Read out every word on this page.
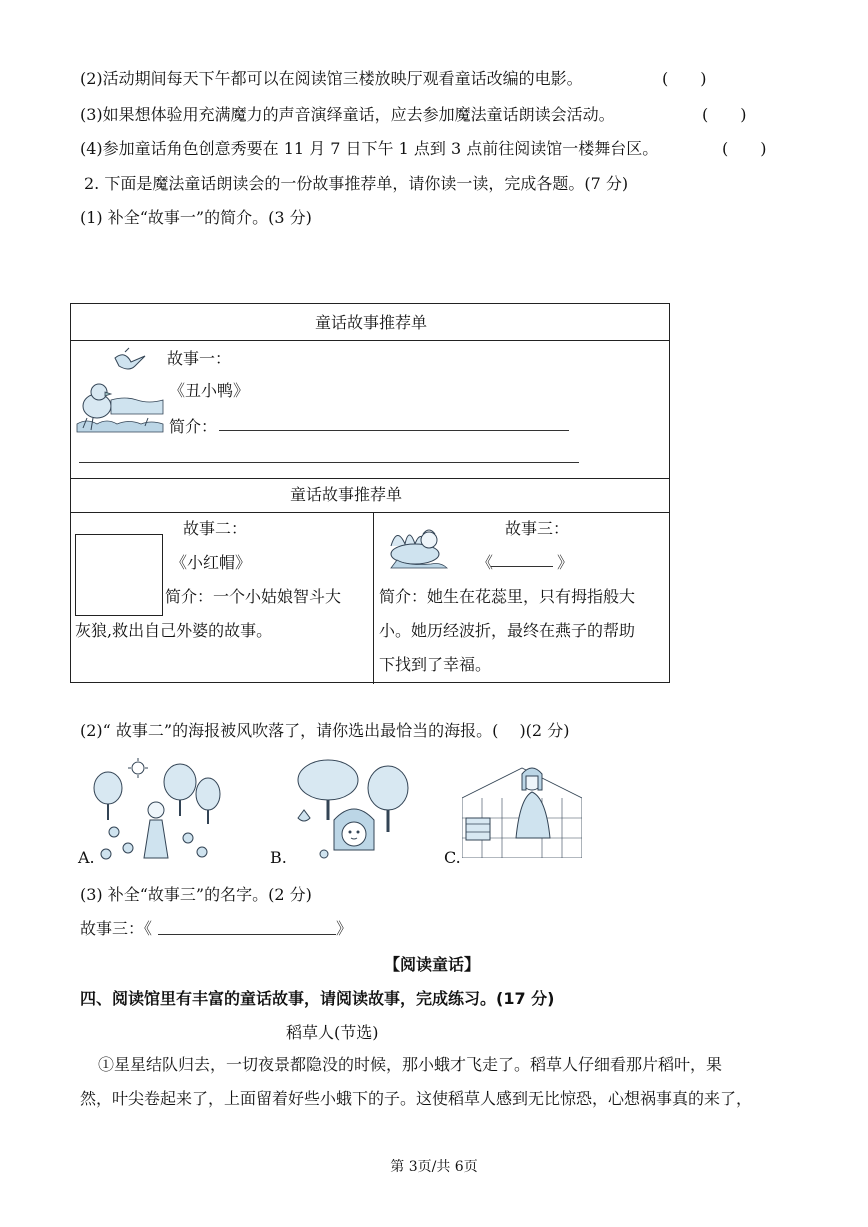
(2)活动期间每天下午都可以在阅读馆三楼放映厅观看童话改编的电影。	(　　)
(3)如果想体验用充满魔力的声音演绎童话，应去参加魔法童话朗读会活动。	(　　)
(4)参加童话角色创意秀要在 11 月 7 日下午 1 点到 3 点前往阅读馆一楼舞台区。	(　　)
2. 下面是魔法童话朗读会的一份故事推荐单，请你读一读，完成各题。(7 分)
(1) 补全“故事一”的简介。(3 分)
童话故事推荐单
故事一：
《丑小鸭》
简介：
童话故事推荐单
故事二：
《小红帽》
简介：一个小姑娘智斗大
灰狼,救出自己外婆的故事。
故事三：
《	》
简介：她生在花蕊里，只有拇指般大
小。她历经波折，最终在燕子的帮助
下找到了幸福。
(2)“ 故事二”的海报被风吹落了，请你选出最恰当的海报。(　 )(2 分)
A.	B.	C.
(3) 补全“故事三”的名字。(2 分)
故事三：《	》
【阅读童话】
四、阅读馆里有丰富的童话故事，请阅读故事，完成练习。(17 分)
稻草人(节选)
①星星结队归去，一切夜景都隐没的时候，那小蛾才飞走了。稻草人仔细看那片稻叶，果
然，叶尖卷起来了，上面留着好些小蛾下的子。这使稻草人感到无比惊恐，心想祸事真的来了，
第 3页/共 6页
